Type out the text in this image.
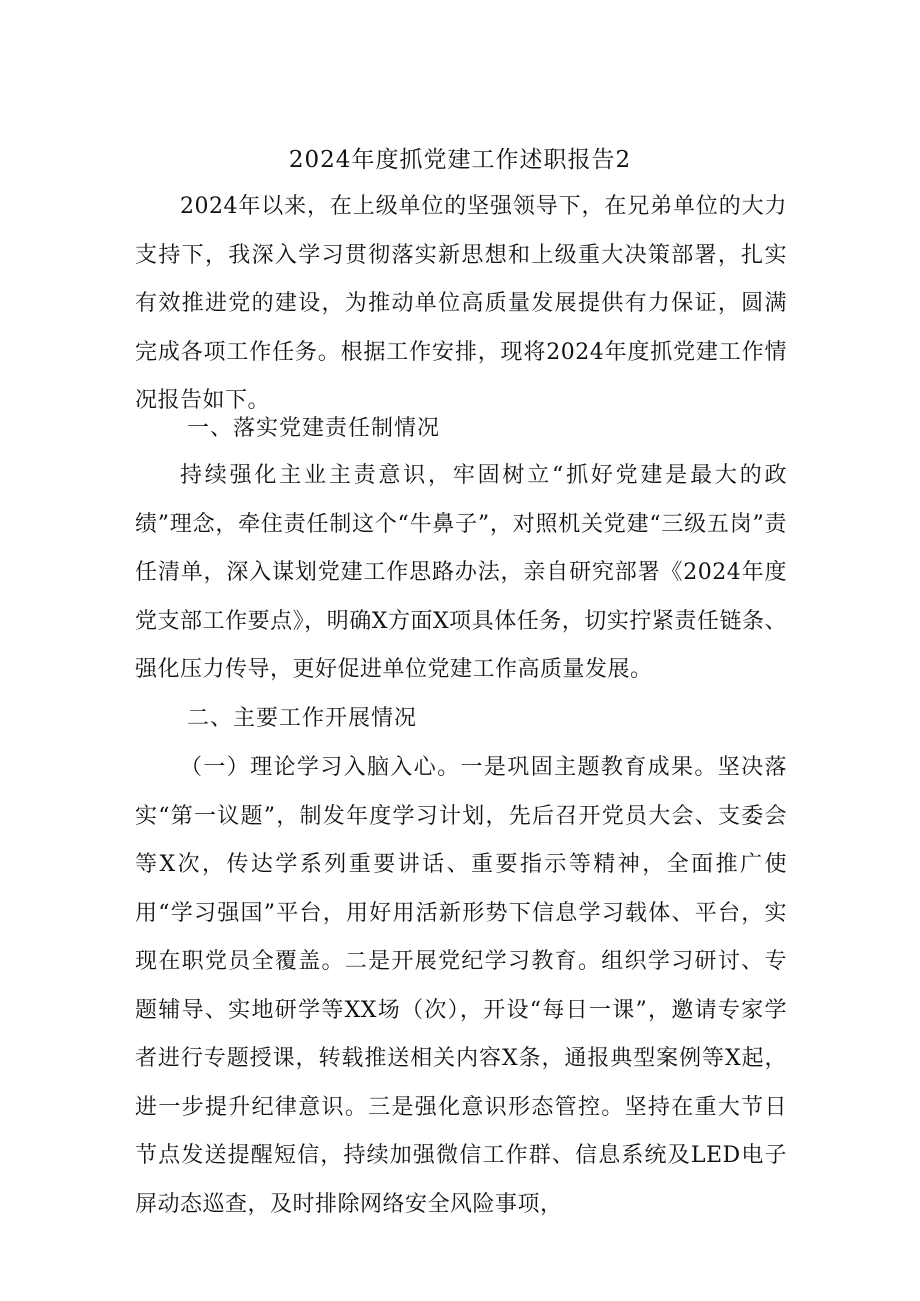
2024年度抓党建工作述职报告2

2024年以来，在上级单位的坚强领导下，在兄弟单位的大力支持下，我深入学习贯彻落实新思想和上级重大决策部署，扎实有效推进党的建设，为推动单位高质量发展提供有力保证，圆满完成各项工作任务。根据工作安排，现将2024年度抓党建工作情况报告如下。

一、落实党建责任制情况

持续强化主业主责意识，牢固树立“抓好党建是最大的政绩”理念，牵住责任制这个“牛鼻子”，对照机关党建“三级五岗”责任清单，深入谋划党建工作思路办法，亲自研究部署《2024年度党支部工作要点》，明确X方面X项具体任务，切实拧紧责任链条、强化压力传导，更好促进单位党建工作高质量发展。

二、主要工作开展情况

（一）理论学习入脑入心。一是巩固主题教育成果。坚决落实“第一议题”，制发年度学习计划，先后召开党员大会、支委会等X次，传达学系列重要讲话、重要指示等精神，全面推广使用“学习强国”平台，用好用活新形势下信息学习载体、平台，实现在职党员全覆盖。二是开展党纪学习教育。组织学习研讨、专题辅导、实地研学等XX场（次），开设“每日一课”，邀请专家学者进行专题授课，转载推送相关内容X条，通报典型案例等X起，进一步提升纪律意识。三是强化意识形态管控。坚持在重大节日节点发送提醒短信，持续加强微信工作群、信息系统及LED电子屏动态巡查，及时排除网络安全风险事项，
